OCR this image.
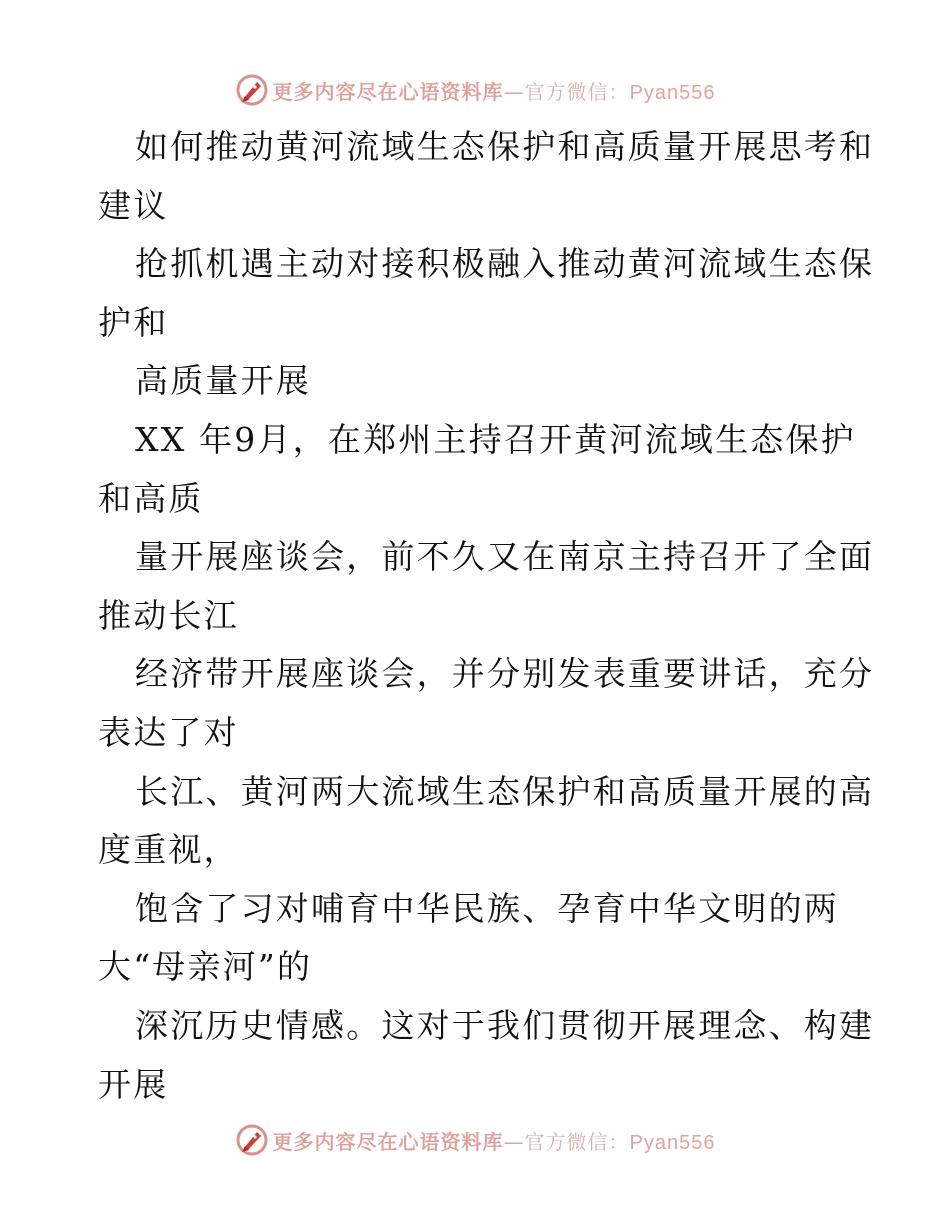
更多内容尽在心语资料库—官方微信：Pyan556
如何推动黄河流域生态保护和高质量开展思考和
建议
抢抓机遇主动对接积极融入推动黄河流域生态保
护和
高质量开展
XX 年9月，在郑州主持召开黄河流域生态保护
和高质
量开展座谈会，前不久又在南京主持召开了全面
推动长江
经济带开展座谈会，并分别发表重要讲话，充分
表达了对
长江、黄河两大流域生态保护和高质量开展的高
度重视，
饱含了习对哺育中华民族、孕育中华文明的两
大“母亲河”的
深沉历史情感。这对于我们贯彻开展理念、构建
开展
更多内容尽在心语资料库—官方微信：Pyan556
